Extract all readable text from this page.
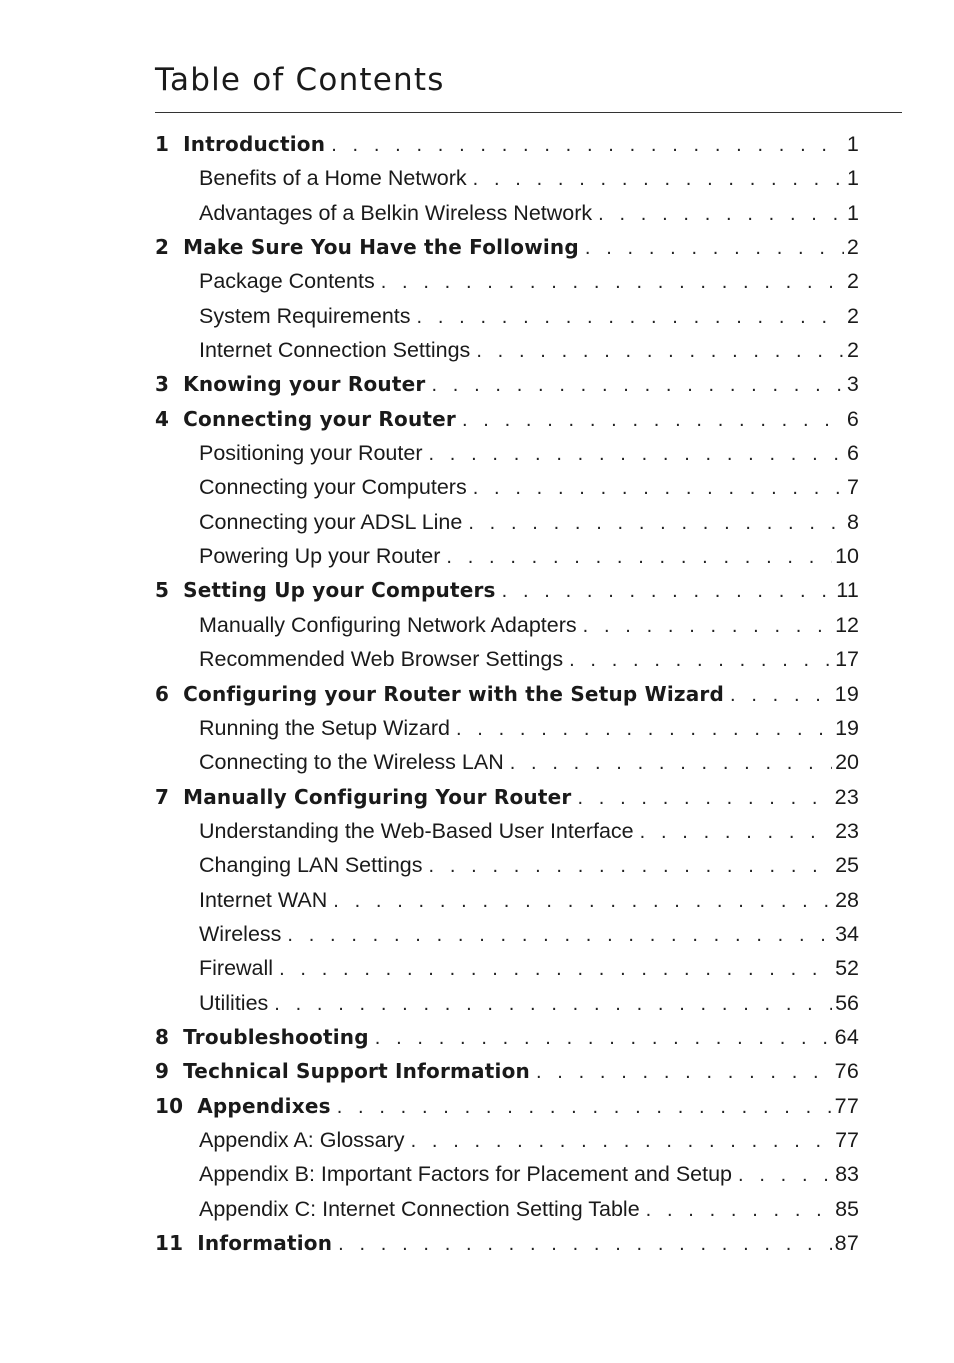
Table of Contents
1 Introduction . . .	1
Benefits of a Home Network . . .	1
Advantages of a Belkin Wireless Network . . .	1
2 Make Sure You Have the Following . . .	2
Package Contents . . .	2
System Requirements . . .	2
Internet Connection Settings . . .	2
3 Knowing your Router . . .	3
4 Connecting your Router . . .	6
Positioning your Router . . .	6
Connecting your Computers . . .	7
Connecting your ADSL Line . . .	8
Powering Up your Router . . .	10
5 Setting Up your Computers . . .	11
Manually Configuring Network Adapters . . .	12
Recommended Web Browser Settings . . .	17
6 Configuring your Router with the Setup Wizard . . .	19
Running the Setup Wizard . . .	19
Connecting to the Wireless LAN . . .	20
7 Manually Configuring Your Router . . .	23
Understanding the Web-Based User Interface . . .	23
Changing LAN Settings . . .	25
Internet WAN . . .	28
Wireless . . .	34
Firewall . . .	52
Utilities . . .	56
8 Troubleshooting . . .	64
9 Technical Support Information . . .	76
10 Appendixes . . .	77
Appendix A: Glossary . . .	77
Appendix B: Important Factors for Placement and Setup . . .	83
Appendix C: Internet Connection Setting Table . . .	85
11 Information . . .	87
